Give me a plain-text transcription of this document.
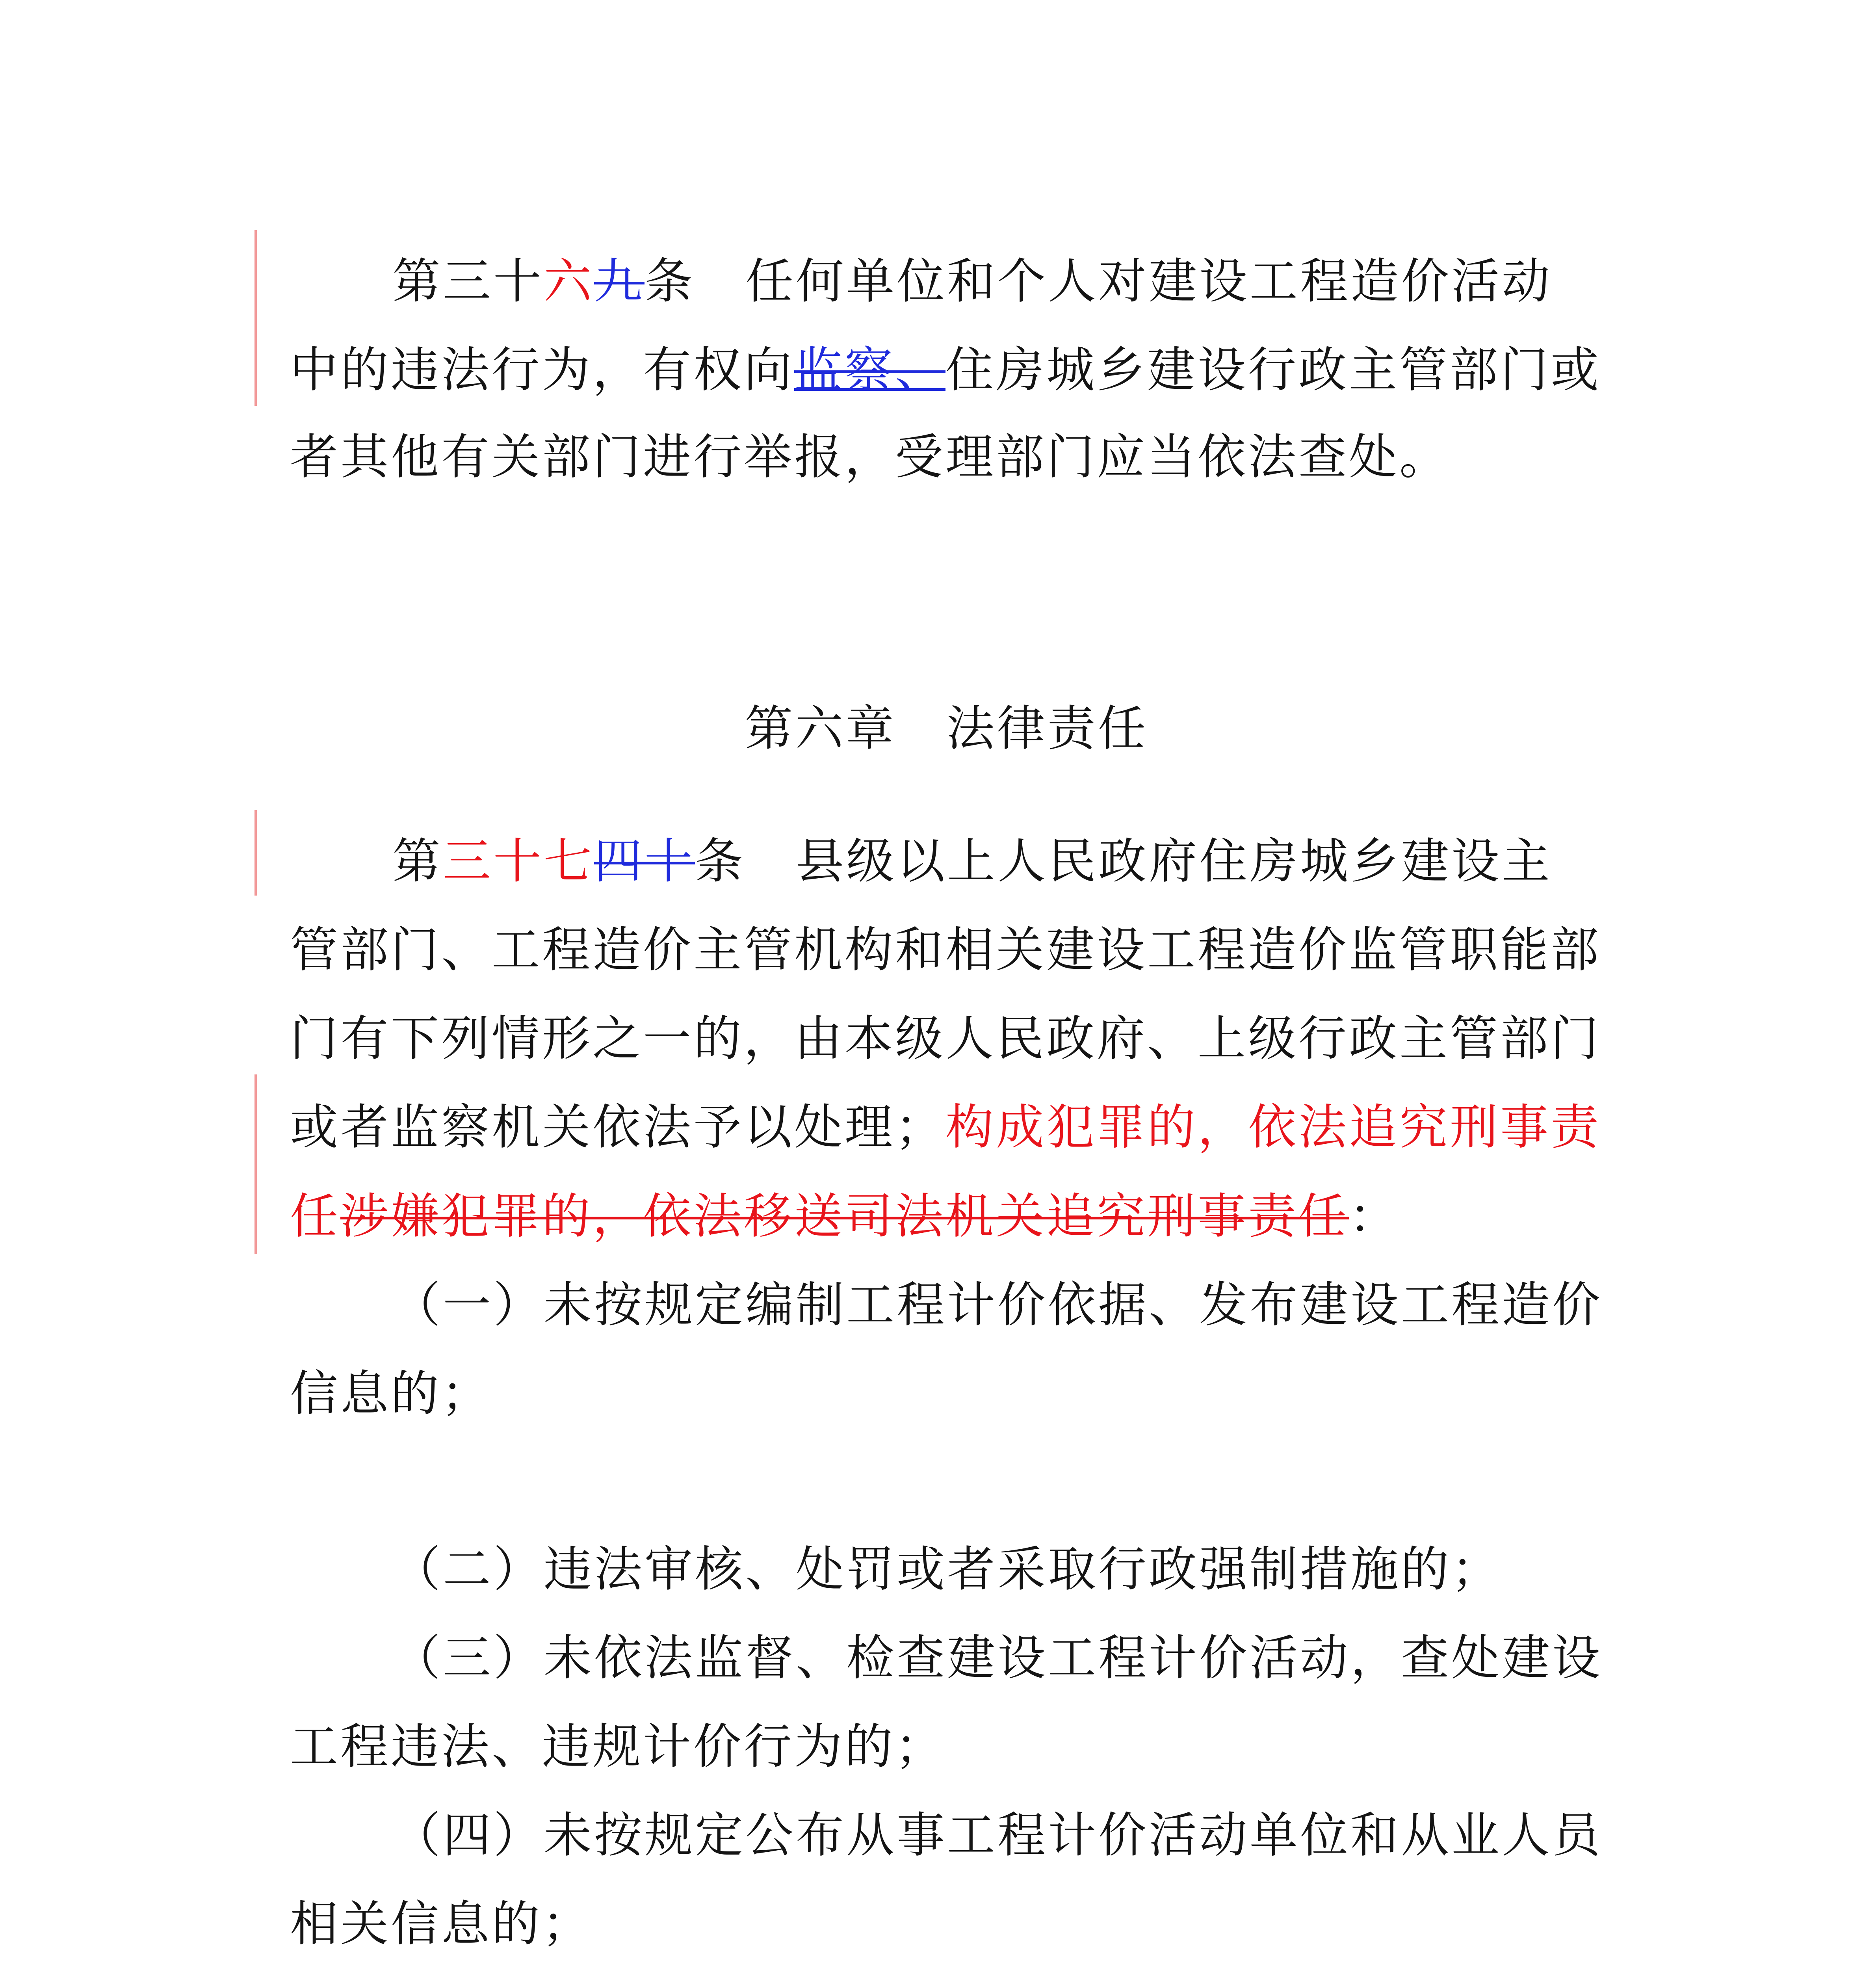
第三十六九条　任何单位和个人对建设工程造价活动
中的违法行为，有权向监察、住房城乡建设行政主管部门或
者其他有关部门进行举报，受理部门应当依法查处。
第六章　法律责任
第三十七四十条　县级以上人民政府住房城乡建设主
管部门、工程造价主管机构和相关建设工程造价监管职能部
门有下列情形之一的，由本级人民政府、上级行政主管部门
或者监察机关依法予以处理；构成犯罪的，依法追究刑事责
任涉嫌犯罪的，依法移送司法机关追究刑事责任：
（一）未按规定编制工程计价依据、发布建设工程造价
信息的；
（二）违法审核、处罚或者采取行政强制措施的；
（三）未依法监督、检查建设工程计价活动，查处建设
工程违法、违规计价行为的；
（四）未按规定公布从事工程计价活动单位和从业人员
相关信息的；
